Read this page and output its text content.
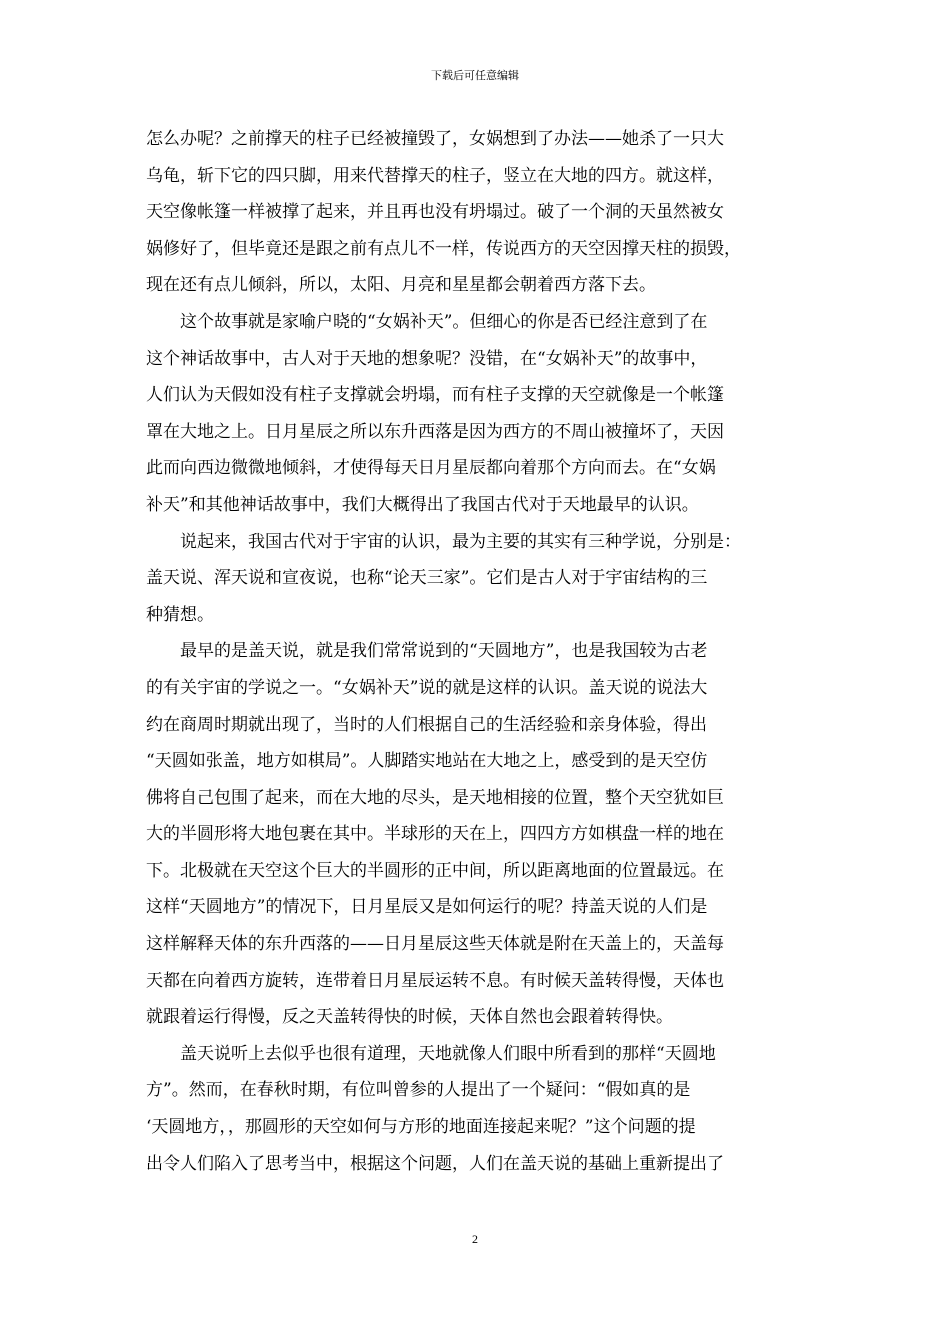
下载后可任意编辑
怎么办呢？之前撑天的柱子已经被撞毁了，女娲想到了办法——她杀了一只大
乌龟，斩下它的四只脚，用来代替撑天的柱子，竖立在大地的四方。就这样，
天空像帐篷一样被撑了起来，并且再也没有坍塌过。破了一个洞的天虽然被女
娲修好了，但毕竟还是跟之前有点儿不一样，传说西方的天空因撑天柱的损毁，
现在还有点儿倾斜，所以，太阳、月亮和星星都会朝着西方落下去。
这个故事就是家喻户晓的“女娲补天”。但细心的你是否已经注意到了在
这个神话故事中，古人对于天地的想象呢？没错，在“女娲补天”的故事中，
人们认为天假如没有柱子支撑就会坍塌，而有柱子支撑的天空就像是一个帐篷
罩在大地之上。日月星辰之所以东升西落是因为西方的不周山被撞坏了，天因
此而向西边微微地倾斜，才使得每天日月星辰都向着那个方向而去。在“女娲
补天”和其他神话故事中，我们大概得出了我国古代对于天地最早的认识。
说起来，我国古代对于宇宙的认识，最为主要的其实有三种学说，分别是：
盖天说、浑天说和宣夜说，也称“论天三家”。它们是古人对于宇宙结构的三
种猜想。
最早的是盖天说，就是我们常常说到的“天圆地方”，也是我国较为古老
的有关宇宙的学说之一。“女娲补天”说的就是这样的认识。盖天说的说法大
约在商周时期就出现了，当时的人们根据自己的生活经验和亲身体验，得出
“天圆如张盖，地方如棋局”。人脚踏实地站在大地之上，感受到的是天空仿
佛将自己包围了起来，而在大地的尽头，是天地相接的位置，整个天空犹如巨
大的半圆形将大地包裹在其中。半球形的天在上，四四方方如棋盘一样的地在
下。北极就在天空这个巨大的半圆形的正中间，所以距离地面的位置最远。在
这样“天圆地方”的情况下，日月星辰又是如何运行的呢？持盖天说的人们是
这样解释天体的东升西落的——日月星辰这些天体就是附在天盖上的，天盖每
天都在向着西方旋转，连带着日月星辰运转不息。有时候天盖转得慢，天体也
就跟着运行得慢，反之天盖转得快的时候，天体自然也会跟着转得快。
盖天说听上去似乎也很有道理，天地就像人们眼中所看到的那样“天圆地
方”。然而，在春秋时期，有位叫曾参的人提出了一个疑问：“假如真的是
‘天圆地方，，那圆形的天空如何与方形的地面连接起来呢？”这个问题的提
出令人们陷入了思考当中，根据这个问题，人们在盖天说的基础上重新提出了
2
